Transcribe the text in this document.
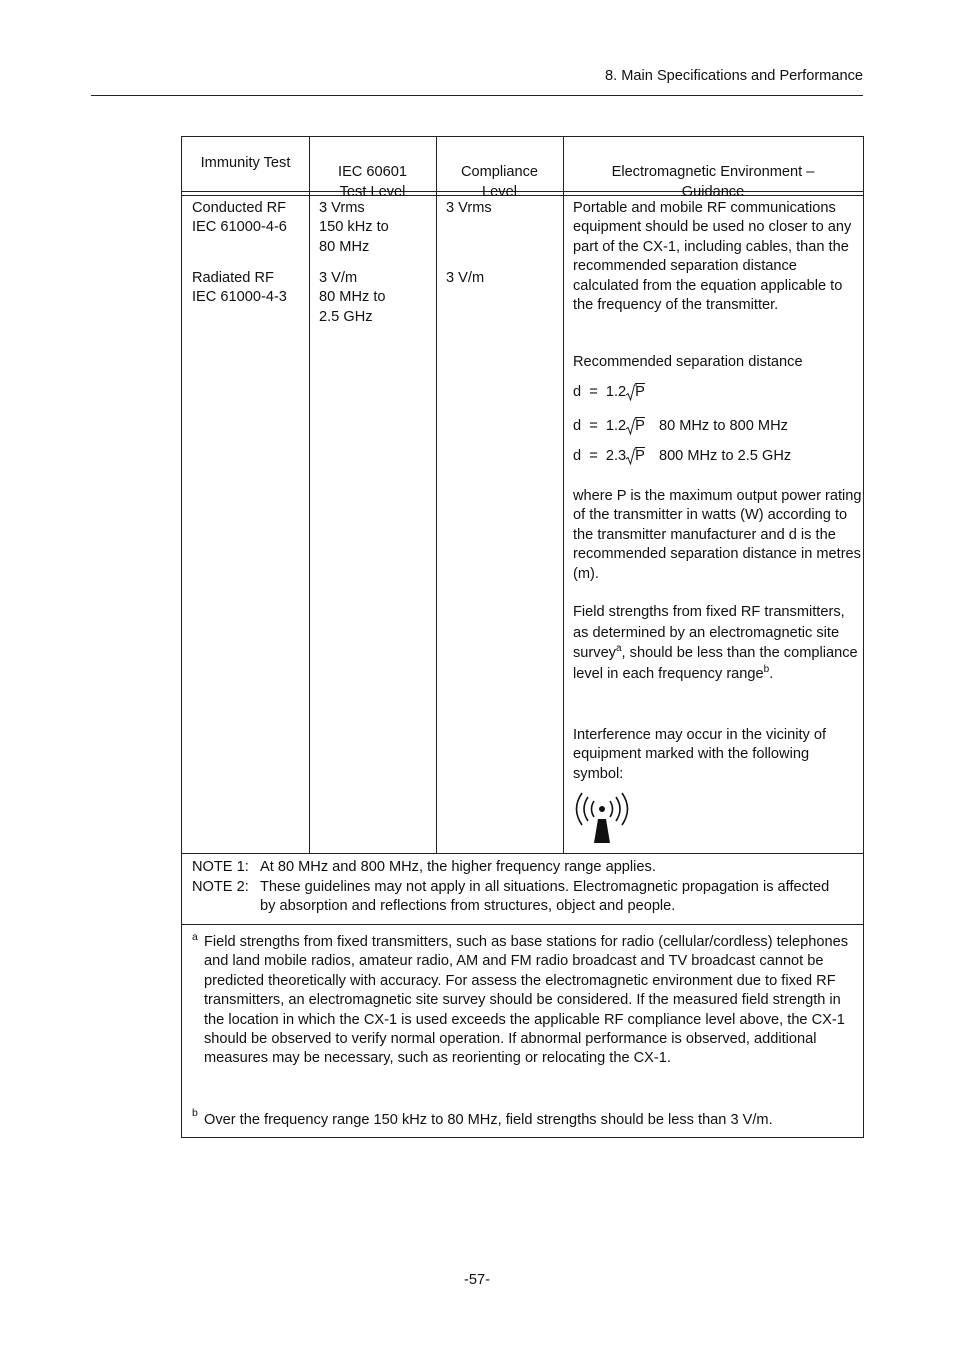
8. Main Specifications and Performance
Immunity Test

IEC 60601
Test Level

Compliance
Level

Electromagnetic Environment –
Guidance

Conducted RF
IEC 61000-4-6
Radiated RF
IEC 61000-4-3
3 Vrms
150 kHz to
80 MHz
3 V/m
80 MHz to
2.5 GHz
3 Vrms
3 V/m
Portable and mobile RF communications equipment should be used no closer to any part of the CX-1, including cables, than the recommended separation distance calculated from the equation applicable to the frequency of the transmitter.
Recommended separation distance
d  =  1.2 $\overline{P}$
d  =  1.2 $\overline{P}$ 80 MHz to 800 MHz
d  =  2.3 $\overline{P}$ 800 MHz to 2.5 GHz
where P is the maximum output power rating of the transmitter in watts (W) according to the transmitter manufacturer and d is the recommended separation distance in metres (m).
Field strengths from fixed RF transmitters, as determined by an electromagnetic site survey$^a$, should be less than the compliance level in each frequency range$^b$.
Interference may occur in the vicinity of equipment marked with the following symbol:
NOTE 1: At 80 MHz and 800 MHz, the higher frequency range applies.
NOTE 2: These guidelines may not apply in all situations. Electromagnetic propagation is affected by absorption and reflections from structures, object and people.
a Field strengths from fixed transmitters, such as base stations for radio (cellular/cordless) telephones and land mobile radios, amateur radio, AM and FM radio broadcast and TV broadcast cannot be predicted theoretically with accuracy. For assess the electromagnetic environment due to fixed RF transmitters, an electromagnetic site survey should be considered. If the measured field strength in the location in which the CX-1 is used exceeds the applicable RF compliance level above, the CX-1 should be observed to verify normal operation. If abnormal performance is observed, additional measures may be necessary, such as reorienting or relocating the CX-1.
b Over the frequency range 150 kHz to 80 MHz, field strengths should be less than 3 V/m.
-57-
